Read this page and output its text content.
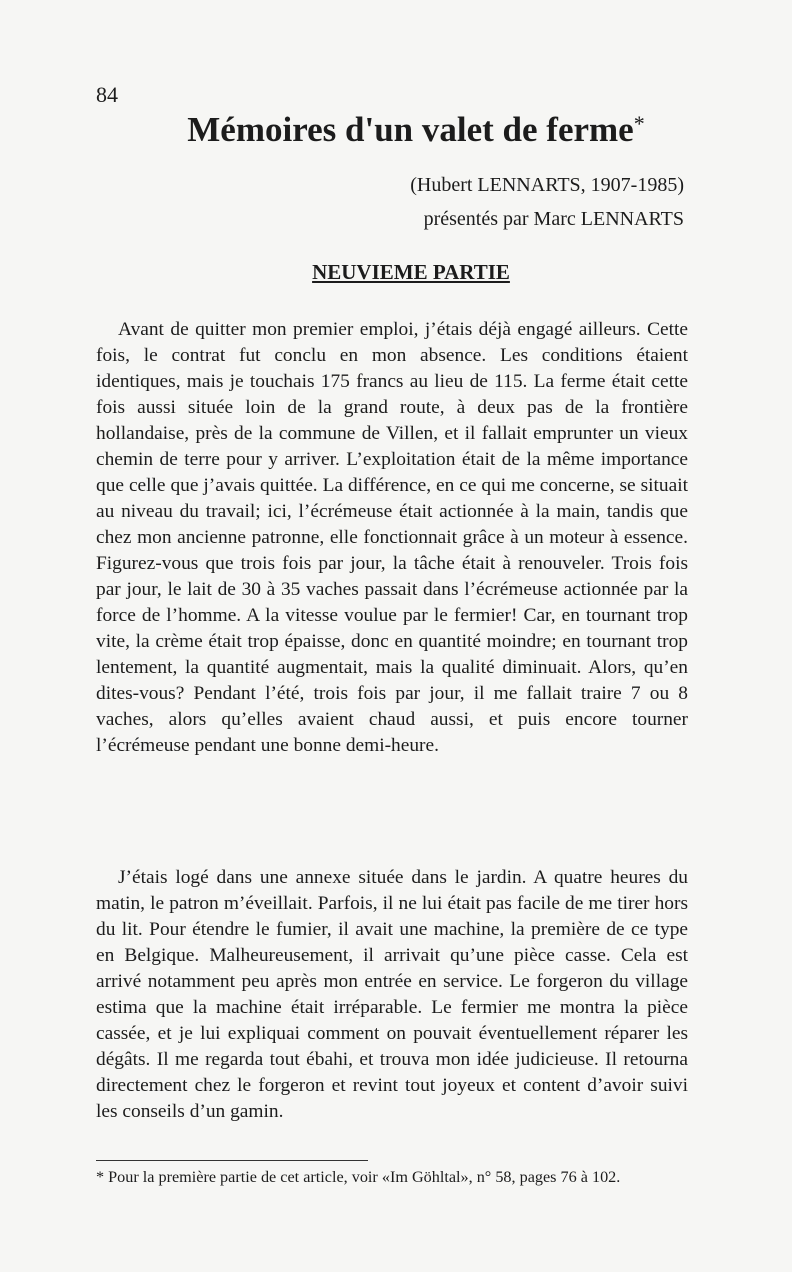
84
Mémoires d'un valet de ferme*

(Hubert LENNARTS, 1907-1985)

présentés par Marc LENNARTS

NEUVIEME PARTIE

Avant de quitter mon premier emploi, j’étais déjà engagé ailleurs. Cette fois, le contrat fut conclu en mon absence. Les conditions étaient identiques, mais je touchais 175 francs au lieu de 115. La ferme était cette fois aussi située loin de la grand route, à deux pas de la frontière hollandaise, près de la commune de Villen, et il fallait emprunter un vieux chemin de terre pour y arriver. L’exploitation était de la même importance que celle que j’avais quittée. La différence, en ce qui me concerne, se situait au niveau du travail; ici, l’écrémeuse était actionnée à la main, tandis que chez mon ancienne patronne, elle fonctionnait grâce à un moteur à essence. Figurez-vous que trois fois par jour, la tâche était à renouveler. Trois fois par jour, le lait de 30 à 35 vaches passait dans l’écrémeuse actionnée par la force de l’homme. A la vitesse voulue par le fermier! Car, en tournant trop vite, la crème était trop épaisse, donc en quantité moindre; en tournant trop lentement, la quantité augmentait, mais la qualité diminuait. Alors, qu’en dites-vous? Pendant l’été, trois fois par jour, il me fallait traire 7 ou 8 vaches, alors qu’elles avaient chaud aussi, et puis encore tourner l’écrémeuse pendant une bonne demi-heure.

J’étais logé dans une annexe située dans le jardin. A quatre heures du matin, le patron m’éveillait. Parfois, il ne lui était pas facile de me tirer hors du lit. Pour étendre le fumier, il avait une machine, la première de ce type en Belgique. Malheureusement, il arrivait qu’une pièce casse. Cela est arrivé notamment peu après mon entrée en service. Le forgeron du village estima que la machine était irréparable. Le fermier me montra la pièce cassée, et je lui expliquai comment on pouvait éventuellement réparer les dégâts. Il me regarda tout ébahi, et trouva mon idée judicieuse. Il retourna directement chez le forgeron et revint tout joyeux et content d’avoir suivi les conseils d’un gamin.

* Pour la première partie de cet article, voir «Im Göhltal», n° 58, pages 76 à 102.
